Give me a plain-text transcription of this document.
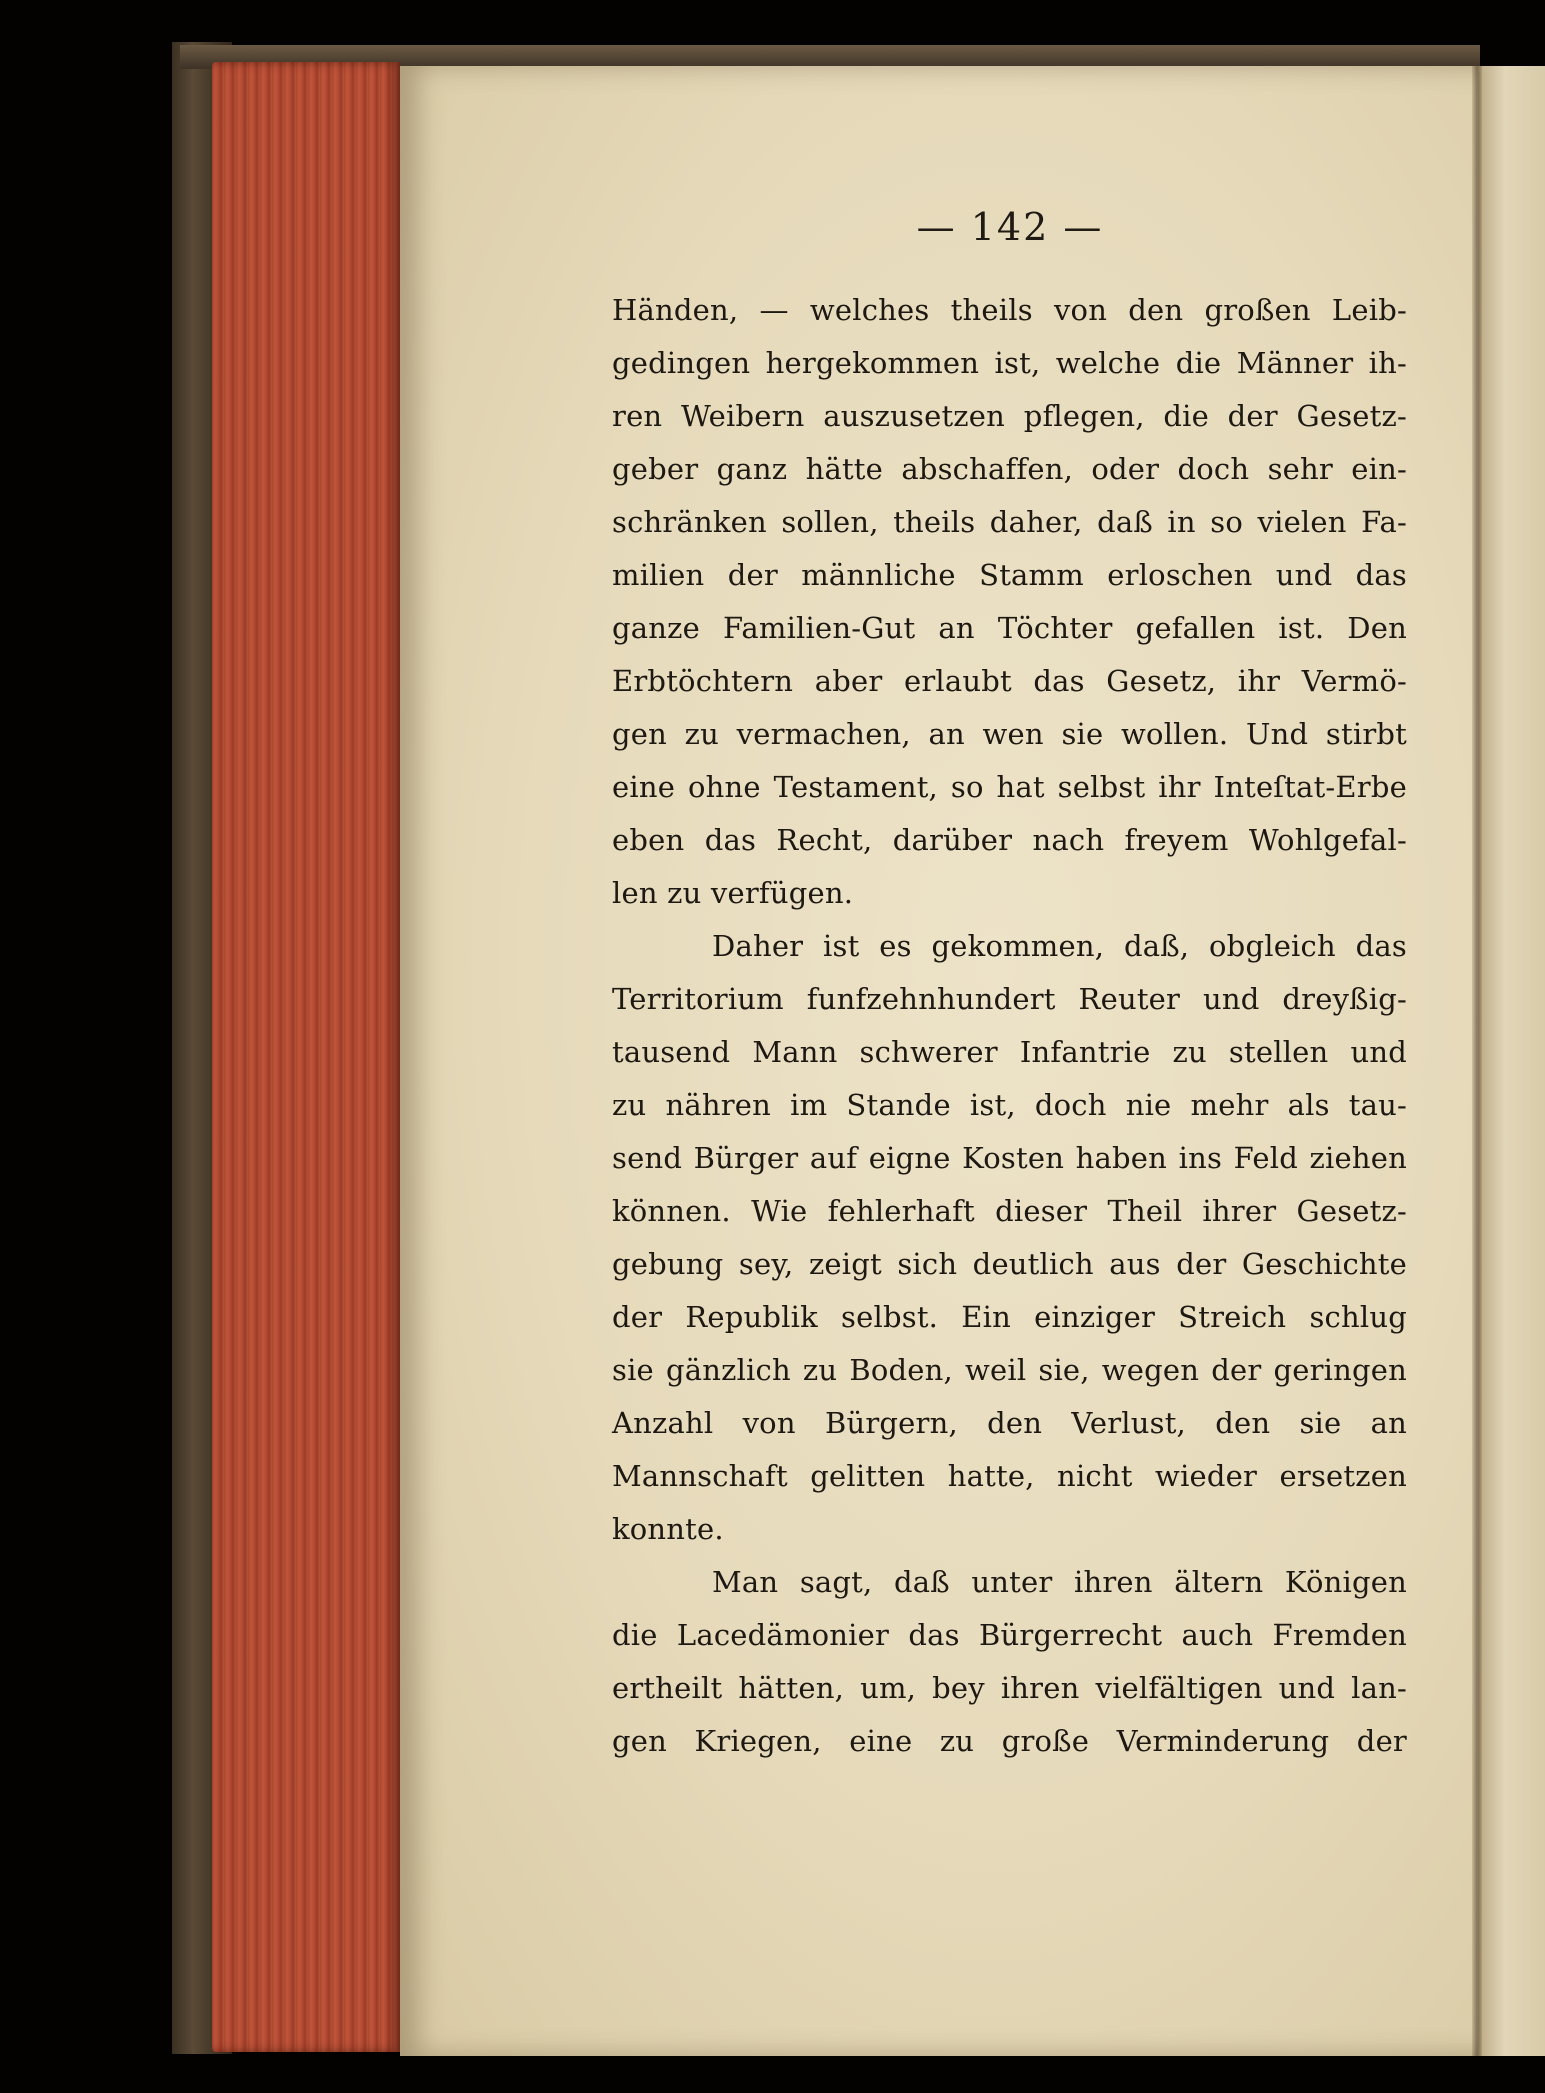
— 142 —
Händen, — welches theils von den großen Leib-
gedingen hergekommen ist, welche die Männer ih-
ren Weibern auszusetzen pflegen, die der Gesetz-
geber ganz hätte abschaffen, oder doch sehr ein-
schränken sollen, theils daher, daß in so vielen Fa-
milien der männliche Stamm erloschen und das
ganze Familien-Gut an Töchter gefallen ist. Den
Erbtöchtern aber erlaubt das Gesetz, ihr Vermö-
gen zu vermachen, an wen sie wollen. Und stirbt
eine ohne Testament, so hat selbst ihr Inteſtat-Erbe
eben das Recht, darüber nach freyem Wohlgefal-
len zu verfügen.
Daher ist es gekommen, daß, obgleich das
Territorium funfzehnhundert Reuter und dreyßig-
tausend Mann schwerer Infantrie zu stellen und
zu nähren im Stande ist, doch nie mehr als tau-
send Bürger auf eigne Kosten haben ins Feld ziehen
können. Wie fehlerhaft dieser Theil ihrer Gesetz-
gebung sey, zeigt sich deutlich aus der Geschichte
der Republik selbst. Ein einziger Streich schlug
sie gänzlich zu Boden, weil sie, wegen der geringen
Anzahl von Bürgern, den Verlust, den sie an
Mannschaft gelitten hatte, nicht wieder ersetzen
konnte.
Man sagt, daß unter ihren ältern Königen
die Lacedämonier das Bürgerrecht auch Fremden
ertheilt hätten, um, bey ihren vielfältigen und lan-
gen Kriegen, eine zu große Verminderung der
